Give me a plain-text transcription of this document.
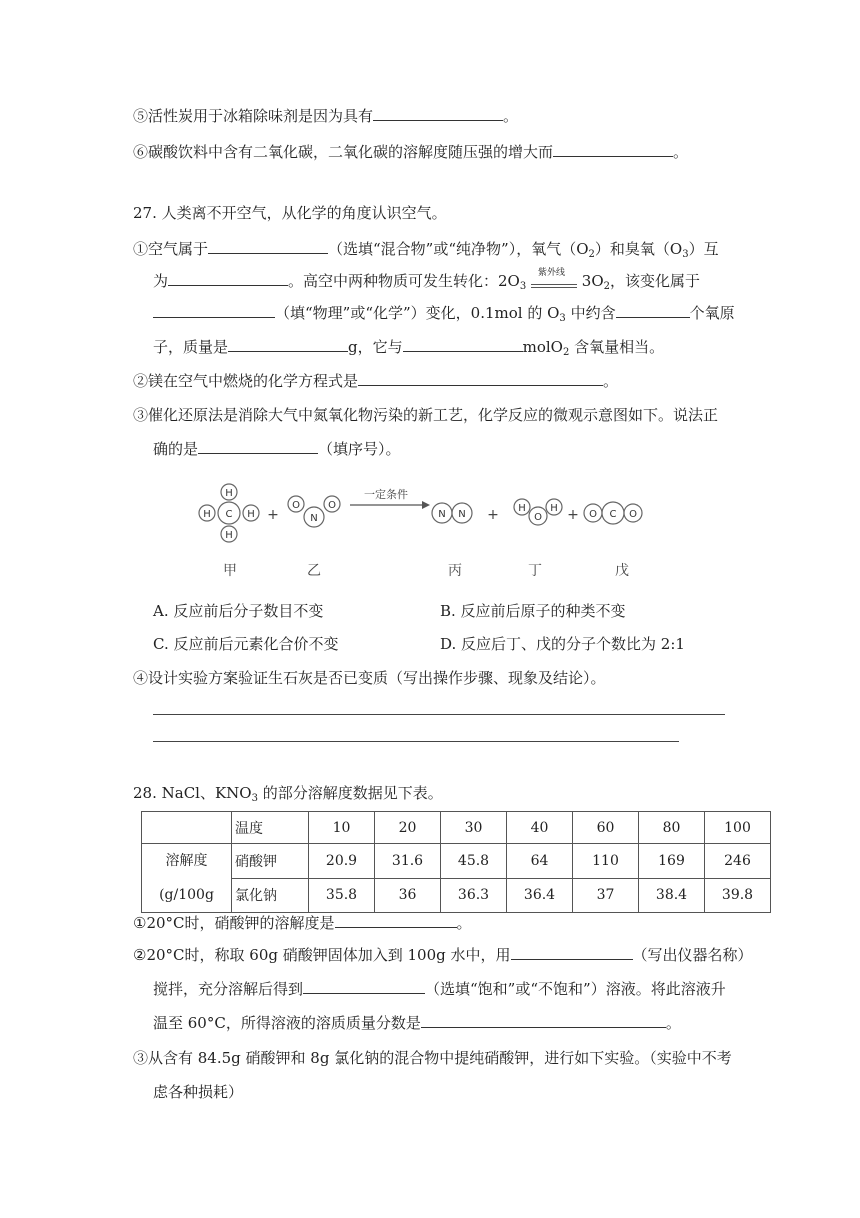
⑤活性炭用于冰箱除味剂是因为具有	。
⑥碳酸饮料中含有二氧化碳，二氧化碳的溶解度随压强的增大而	。
27. 人类离不开空气，从化学的角度认识空气。
①空气属于	（选填“混合物”或“纯净物”），氧气$(O_2)$和臭氧$(O_3)$互
为	。高空中两种物质可发生转化：$2O_3$
紫外线 $3O_2$，该变化属于
（填“物理”或“化学”）变化，0.1mol 的 $O_3$ 中约含	个氧原
子，质量是	g，它与	molO$_2$ 含氧量相当。
②镁在空气中燃烧的化学方程式是	。
③催化还原法是消除大气中氮氧化物污染的新工艺，化学反应的微观示意图如下。说法正
确的是	（填序号）。
C
H
H
H	H
O	O
N	N N
H H
O	O C O
+	+	+
一定条件
甲	乙	丙	丁	戊
A. 反应前后分子数目不变	B. 反应前后原子的种类不变
C. 反应前后元素化合价不变	D. 反应后丁、戊的分子个数比为 2:1
④设计实验方案验证生石灰是否已变质（写出操作步骤、现象及结论）。
28. NaCl、$KNO_3$ 的部分溶解度数据见下表。
	温度	10	20	30	40	60	80	100

溶解度
(g/100g	硝酸钾	20.9	31.6	45.8	64	110	169	246
	氯化钠	35.8	36	36.3	36.4	37	38.4	39.8
①20°C时，硝酸钾的溶解度是	。
②20°C时，称取 60g 硝酸钾固体加入到 100g 水中，用	（写出仪器名称）
搅拌，充分溶解后得到	（选填“饱和”或“不饱和”）溶液。将此溶液升
温至 60°C，所得溶液的溶质质量分数是	。
③从含有 84.5g 硝酸钾和 8g 氯化钠的混合物中提纯硝酸钾，进行如下实验。（实验中不考
虑各种损耗）
